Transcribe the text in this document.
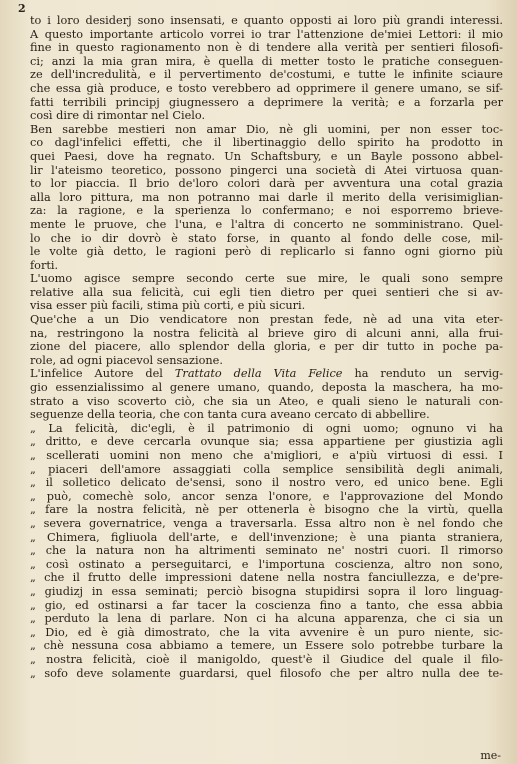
2
to i loro desiderj sono insensati, e quanto opposti ai loro più grandi interessi.
A questo importante articolo vorrei io trar l'attenzione de'miei Lettori: il mio
fine in questo ragionamento non è di tendere alla verità per sentieri filosofi-
ci; anzi la mia gran mira, è quella di metter tosto le pratiche conseguen-
ze dell'incredulità, e il pervertimento de'costumi, e tutte le infinite sciaure
che essa già produce, e tosto verebbero ad opprimere il genere umano, se sif-
fatti terribili principj giugnessero a deprimere la verità; e a forzarla per
così dire di rimontar nel Cielo.
Ben sarebbe mestieri non amar Dio, nè gli uomini, per non esser toc-
co dagl'infelici effetti, che il libertinaggio dello spirito ha prodotto in
quei Paesi, dove ha regnato. Un Schaftsbury, e un Bayle possono abbel-
lir l'ateismo teoretico, possono pingerci una società di Atei virtuosa quan-
to lor piaccia. Il brio de'loro colori darà per avventura una cotal grazia
alla loro pittura, ma non potranno mai darle il merito della verisimiglian-
za: la ragione, e la sperienza lo confermano; e noi esporremo brieve-
mente le pruove, che l'una, e l'altra di concerto ne somministrano. Quel-
lo che io dir dovrò è stato forse, in quanto al fondo delle cose, mil-
le volte già detto, le ragioni però di replicarlo si fanno ogni giorno più
forti.
L'uomo agisce sempre secondo certe sue mire, le quali sono sempre
relative alla sua felicità, cui egli tien dietro per quei sentieri che si av-
visa esser più facili, stima più corti, e più sicuri.
Que'che a un Dio vendicatore non prestan fede, nè ad una vita eter-
na, restringono la nostra felicità al brieve giro di alcuni anni, alla frui-
zione del piacere, allo splendor della gloria, e per dir tutto in poche pa-
role, ad ogni piacevol sensazione.
L'infelice Autore del Trattato della Vita Felice ha renduto un servig-
gio essenzialissimo al genere umano, quando, deposta la maschera, ha mo-
strato a viso scoverto ciò, che sia un Ateo, e quali sieno le naturali con-
seguenze della teoria, che con tanta cura aveano cercato di abbellire.
„ La felicità, dic'egli, è il patrimonio di ogni uomo; ognuno vi ha
„ dritto, e deve cercarla ovunque sia; essa appartiene per giustizia agli
„ scellerati uomini non meno che a'migliori, e a'più virtuosi di essi. I
„ piaceri dell'amore assaggiati colla semplice sensibilità degli animali,
„ il solletico delicato de'sensi, sono il nostro vero, ed unico bene. Egli
„ può, comechè solo, ancor senza l'onore, e l'approvazione del Mondo
„ fare la nostra felicità, nè per ottenerla è bisogno che la virtù, quella
„ severa governatrice, venga a traversarla. Essa altro non è nel fondo che
„ Chimera, figliuola dell'arte, e dell'invenzione; è una pianta straniera,
„ che la natura non ha altrimenti seminato ne' nostri cuori. Il rimorso
„ così ostinato a perseguitarci, e l'importuna coscienza, altro non sono,
„ che il frutto delle impressioni datene nella nostra fanciullezza, e de'pre-
„ giudizj in essa seminati; perciò bisogna stupidirsi sopra il loro linguag-
„ gio, ed ostinarsi a far tacer la coscienza fino a tanto, che essa abbia
„ perduto la lena di parlare. Non ci ha alcuna apparenza, che ci sia un
„ Dio, ed è già dimostrato, che la vita avvenire è un puro niente, sic-
„ chè nessuna cosa abbiamo a temere, un Essere solo potrebbe turbare la
„ nostra felicità, cioè il manigoldo, quest'è il Giudice del quale il filo-
„ sofo deve solamente guardarsi, quel filosofo che per altro nulla dee te-
me-
